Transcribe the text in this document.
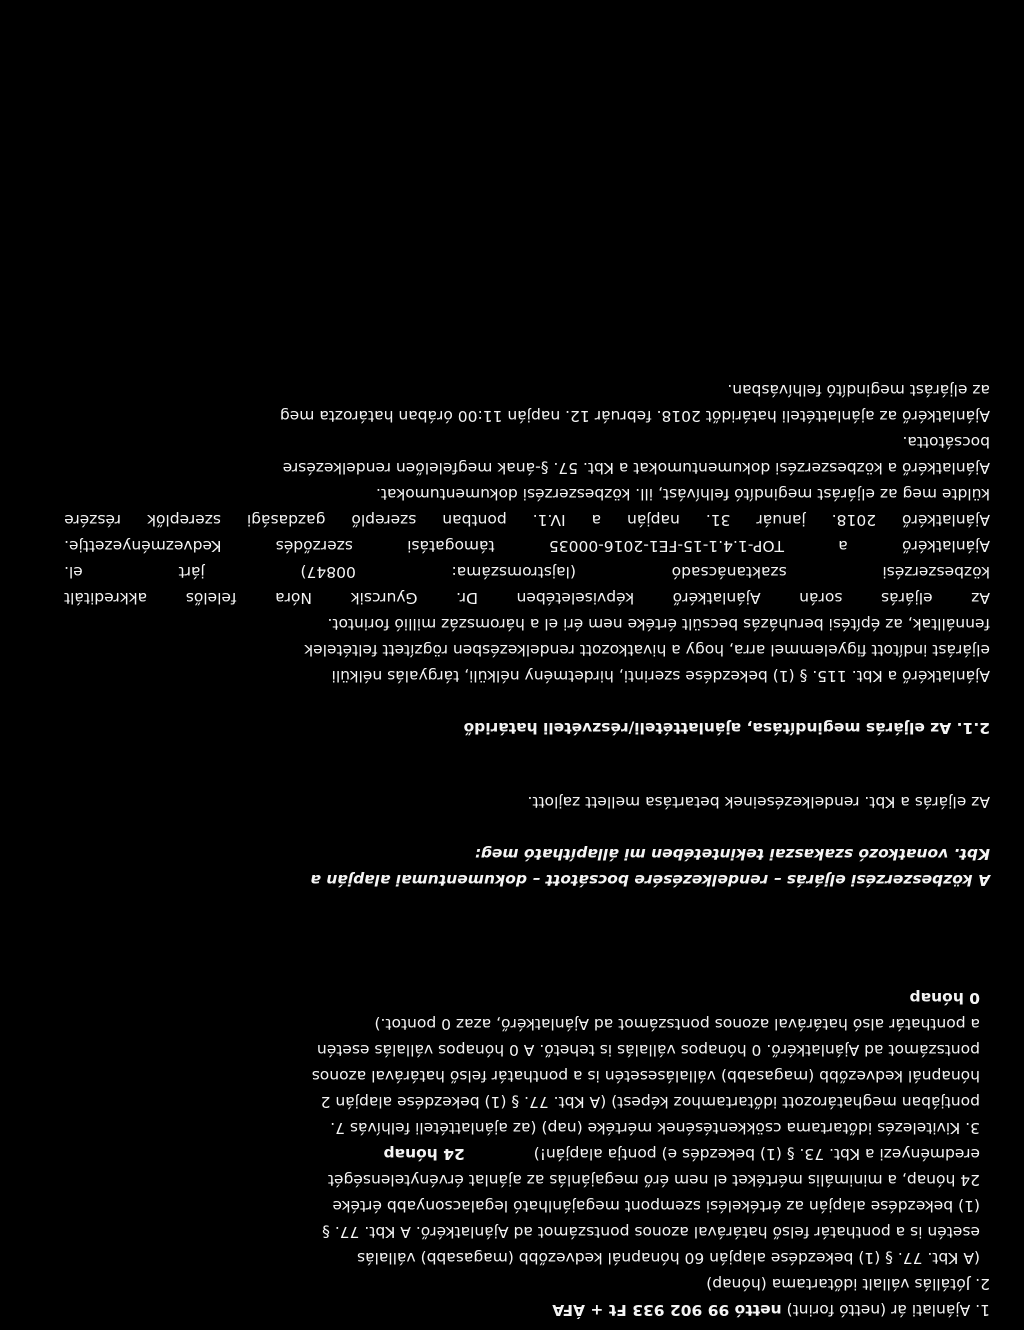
1. Ajánlati ár (nettó forint) nettó 99 902 933 Ft + ÁFA
2. Jótállás vállalt időtartama (hónap)
(A Kbt. 77. § (1) bekezdése alapján 60 hónapnál kedvezőbb (magasabb) vállalás
esetén is a ponthatár felső határával azonos pontszámot ad Ajánlatkérő. A Kbt. 77. §
(1) bekezdése alapján az értékelési szempont megajánlható legalacsonyabb értéke
24 hónap, a minimális mértéket el nem érő megajánlás az ajánlat érvénytelenségét
eredményezi a Kbt. 73. § (1) bekezdés e) pontja alapján!) 24 hónap
3. Kivitelezés időtartama csökkentésének mértéke (nap) (az ajánlattételi felhívás 7.
pontjában meghatározott időtartamhoz képest) (A Kbt. 77. § (1) bekezdése alapján 2
hónapnál kedvezőbb (magasabb) vállalásesetén is a ponthatár felső határával azonos
pontszámot ad Ajánlatkérő. 0 hónapos vállalás is tehető. A 0 hónapos vállalás esetén
a ponthatár alsó határával azonos pontszámot ad Ajánlatkérő, azaz 0 pontot.)
0 hónap
A közbeszerzési eljárás – rendelkezésére bocsátott – dokumentumai alapján a
Kbt. vonatkozó szakaszai tekintetében mi állapítható meg:
Az eljárás a Kbt. rendelkezéseinek betartása mellett zajlott.
2.1. Az eljárás megindítása, ajánlattételi/részvételi határidő
Ajánlatkérő a Kbt. 115. § (1) bekezdése szerinti, hirdetmény nélküli, tárgyalás nélküli
eljárást indított figyelemmel arra, hogy a hivatkozott rendelkezésben rögzített feltételek
fennálltak, az építési beruházás becsült értéke nem éri el a háromszáz millió forintot.
Az
eljárás
során
Ajánlatkérő
képviseletében
Dr.
Gyurcsik
Nóra
felelős
akkreditált
közbeszerzési
szaktanácsadó
(lajstromszáma:
00847)
járt
el.
Ajánlatkérő
a
TOP-1.4.1-15-FE1-2016-00035
támogatási
szerződés
Kedvezményezettje.
Ajánlatkérő
2018.
január
31.
napján
a
IV.1.
pontban
szereplő
gazdasági
szereplők
részére
küldte meg az eljárást megindító felhívást, ill. közbeszerzési dokumentumokat.
Ajánlatkérő a közbeszerzési dokumentumokat a Kbt. 57. §-ának megfelelően rendelkezésre
bocsátotta.
Ajánlatkérő az ajánlattételi határidőt 2018. február 12. napján 11:00 órában határozta meg
az eljárást megindító felhívásban.
